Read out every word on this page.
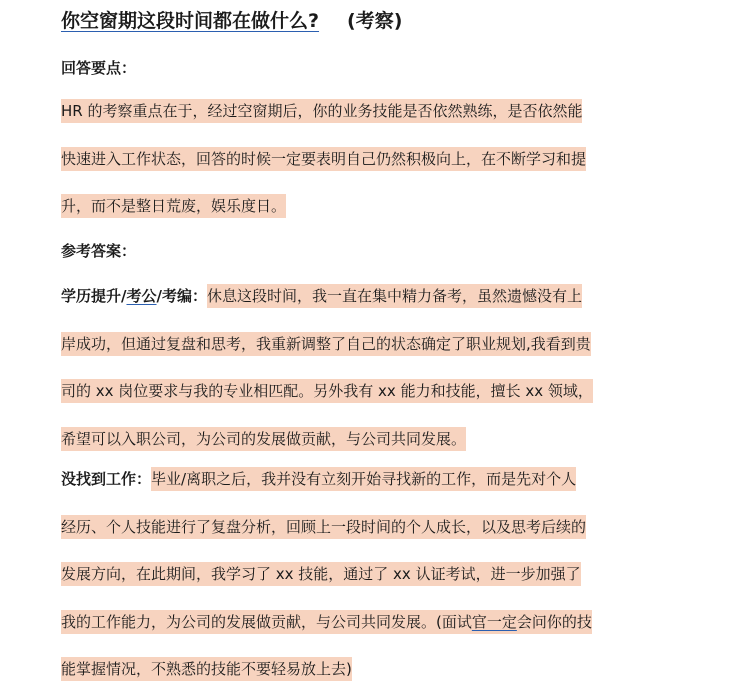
你空窗期这段时间都在做什么? (考察)
回答要点：
HR 的考察重点在于，经过空窗期后，你的业务技能是否依然熟练，是否依然能
快速进入工作状态，回答的时候一定要表明自己仍然积极向上，在不断学习和提
升，而不是整日荒废，娱乐度日。
参考答案：
学历提升/考公/考编：休息这段时间，我一直在集中精力备考，虽然遗憾没有上
岸成功，但通过复盘和思考，我重新调整了自己的状态确定了职业规划,我看到贵
司的 xx 岗位要求与我的专业相匹配。另外我有 xx 能力和技能，擅长 xx 领域，
希望可以入职公司，为公司的发展做贡献，与公司共同发展。
没找到工作：毕业/离职之后，我并没有立刻开始寻找新的工作，而是先对个人
经历、个人技能进行了复盘分析，回顾上一段时间的个人成长，以及思考后续的
发展方向，在此期间，我学习了 xx 技能，通过了 xx 认证考试，进一步加强了
我的工作能力，为公司的发展做贡献，与公司共同发展。(面试官一定会问你的技
能掌握情况，不熟悉的技能不要轻易放上去)
